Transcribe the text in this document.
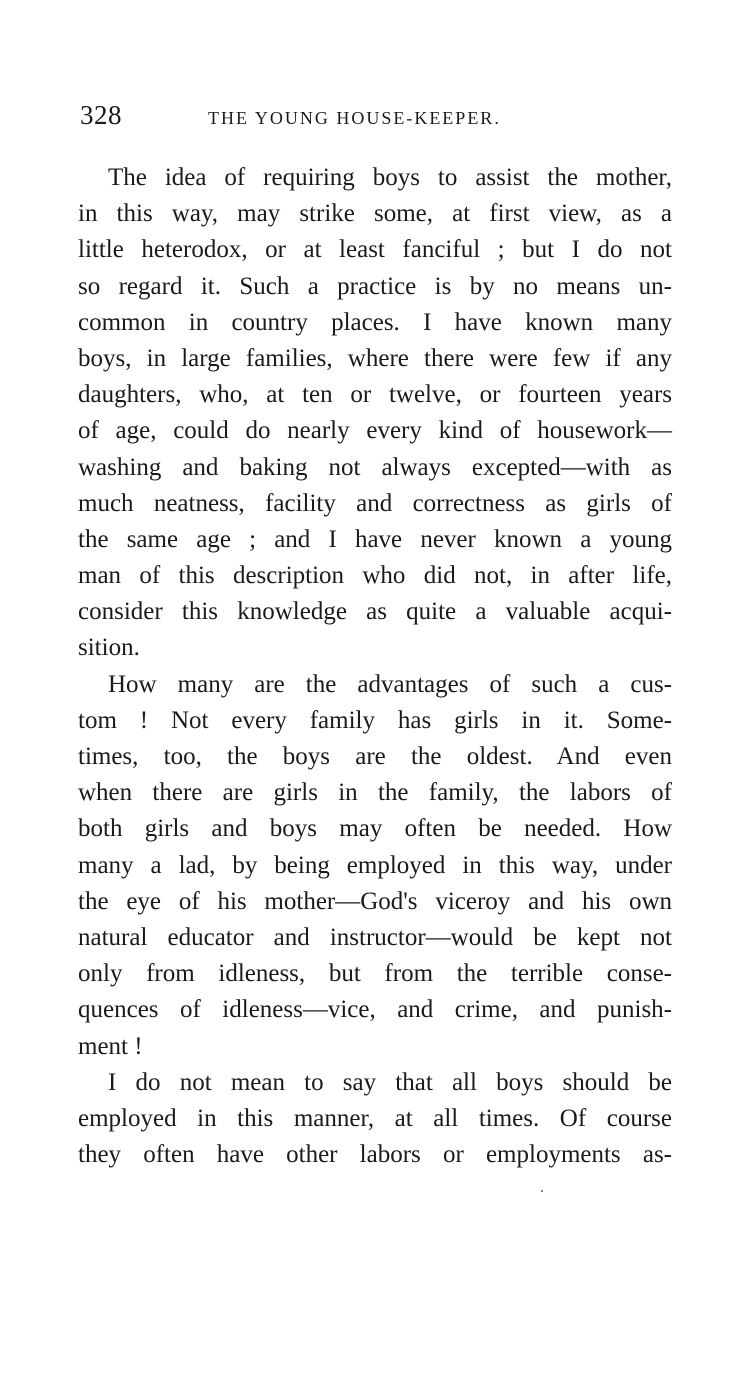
328	THE YOUNG HOUSE-KEEPER.

The idea of requiring boys to assist the mother,
in this way, may strike some, at first view, as a
little heterodox, or at least fanciful ; but I do not
so regard it. Such a practice is by no means un-
common in country places. I have known many
boys, in large families, where there were few if any
daughters, who, at ten or twelve, or fourteen years
of age, could do nearly every kind of housework—
washing and baking not always excepted—with as
much neatness, facility and correctness as girls of
the same age ; and I have never known a young
man of this description who did not, in after life,
consider this knowledge as quite a valuable acqui-
sition.

How many are the advantages of such a cus-
tom ! Not every family has girls in it. Some-
times, too, the boys are the oldest. And even
when there are girls in the family, the labors of
both girls and boys may often be needed. How
many a lad, by being employed in this way, under
the eye of his mother—God's viceroy and his own
natural educator and instructor—would be kept not
only from idleness, but from the terrible conse-
quences of idleness—vice, and crime, and punish-
ment !

I do not mean to say that all boys should be
employed in this manner, at all times. Of course
they often have other labors or employments as-
